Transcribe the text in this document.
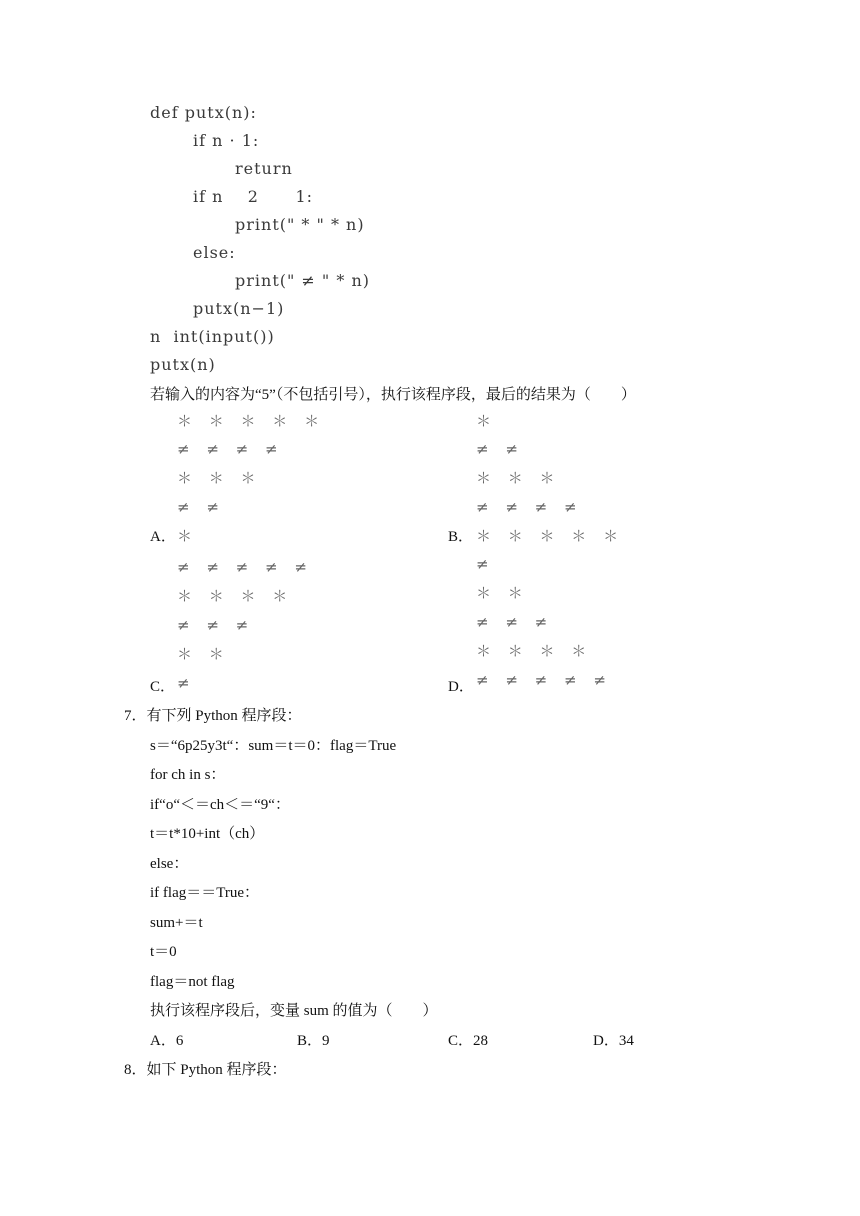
def putx(n):
if n · 1:
return
if n    2      1:
print(" * " * n)
else:
print(" ≠ " * n)
putx(n−1)
n  int(input())
putx(n)
若输入的内容为“5”（不包括引号），执行该程序段，最后的结果为（　　）
＊ ＊ ＊ ＊ ＊
≠ ≠ ≠ ≠
＊ ＊ ＊
≠ ≠
A． ＊
＊
≠ ≠
＊ ＊ ＊
≠ ≠ ≠ ≠
B． ＊ ＊ ＊ ＊ ＊
≠ ≠ ≠ ≠ ≠
＊ ＊ ＊ ＊
≠ ≠ ≠
＊ ＊
C． ≠
≠
＊ ＊
≠ ≠ ≠
＊ ＊ ＊ ＊
D． ≠ ≠ ≠ ≠ ≠
7．有下列 Python 程序段：
s＝“6p25y3t“：sum＝t＝0：flag＝True
for ch in s：
if“o“＜＝ch＜＝“9“：
t＝t*10+int（ch）
else：
if flag＝＝True：
sum+＝t
t＝0
flag＝not flag
执行该程序段后，变量 sum 的值为（　　）
A．6	B．9	C．28	D．34
8．如下 Python 程序段：
